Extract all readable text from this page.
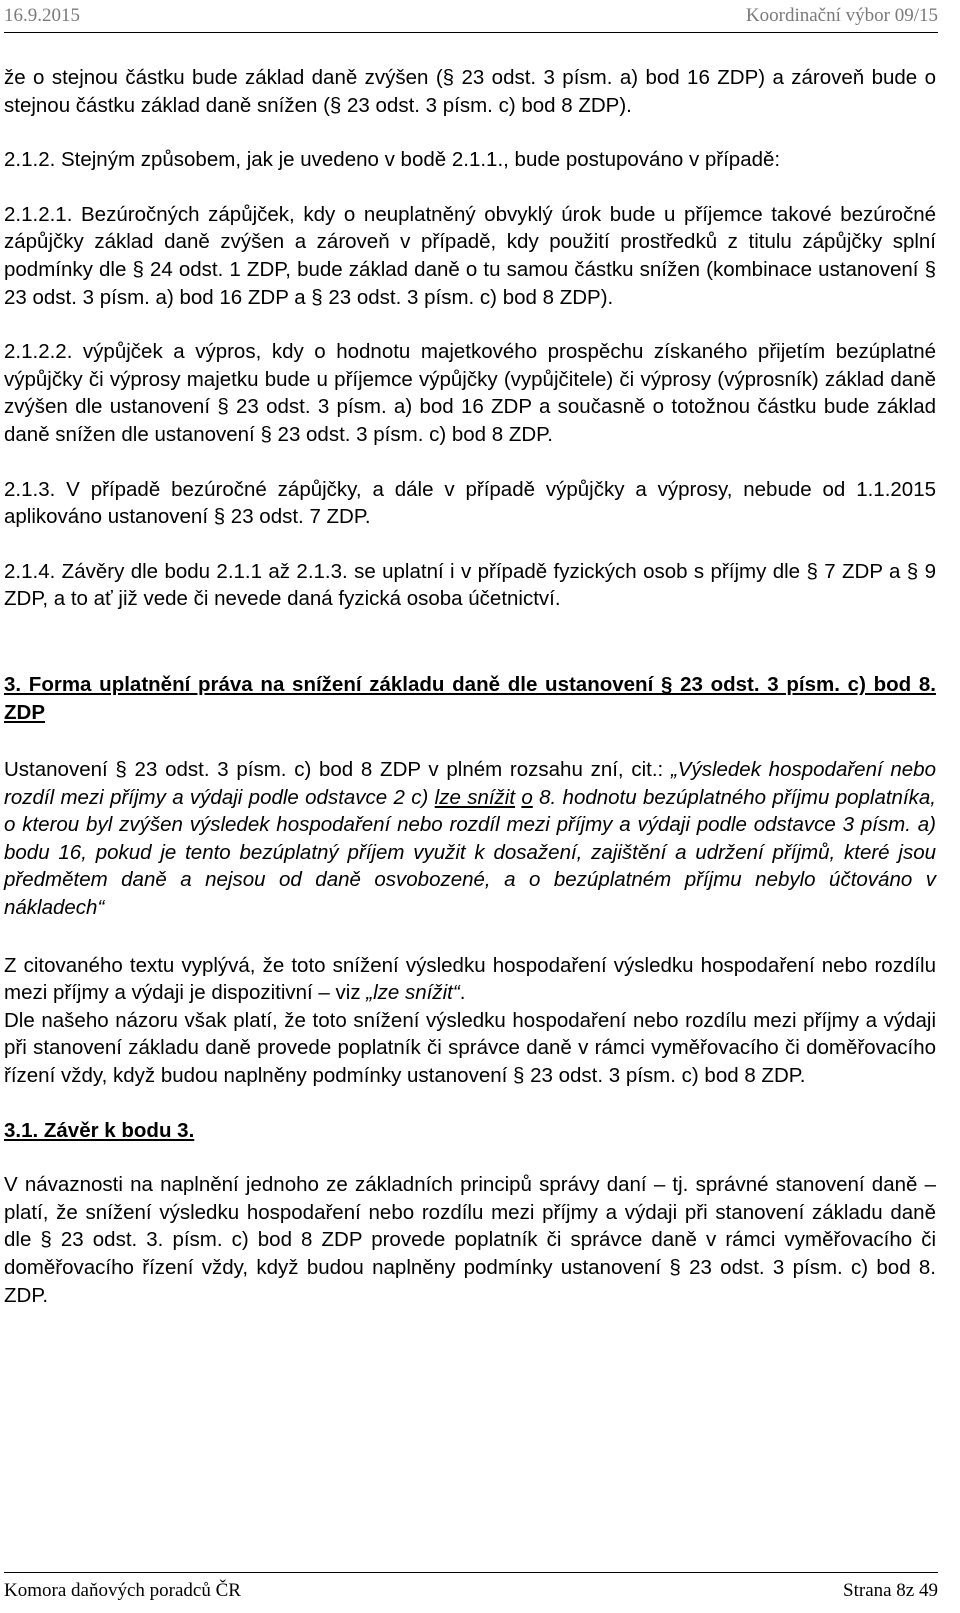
16.9.2015	Koordinační výbor 09/15

že o stejnou částku bude základ daně zvýšen (§ 23 odst. 3 písm. a) bod 16 ZDP) a zároveň bude o stejnou částku základ daně snížen (§ 23 odst. 3 písm. c) bod 8 ZDP).

2.1.2. Stejným způsobem, jak je uvedeno v bodě 2.1.1., bude postupováno v případě:

2.1.2.1. Bezúročných zápůjček, kdy o neuplatněný obvyklý úrok bude u příjemce takové bezúročné zápůjčky základ daně zvýšen a zároveň v případě, kdy použití prostředků z titulu zápůjčky splní podmínky dle § 24 odst. 1 ZDP, bude základ daně o tu samou částku snížen (kombinace ustanovení § 23 odst. 3 písm. a) bod 16 ZDP a § 23 odst. 3 písm. c) bod 8 ZDP).

2.1.2.2. výpůjček a výpros, kdy o hodnotu majetkového prospěchu získaného přijetím bezúplatné výpůjčky či výprosy majetku bude u příjemce výpůjčky (vypůjčitele) či výprosy (výprosník) základ daně zvýšen dle ustanovení § 23 odst. 3 písm. a) bod 16 ZDP a současně o totožnou částku bude základ daně snížen dle ustanovení § 23 odst. 3 písm. c) bod 8 ZDP.

2.1.3. V případě bezúročné zápůjčky, a dále v případě výpůjčky a výprosy, nebude od 1.1.2015 aplikováno ustanovení § 23 odst. 7 ZDP.

2.1.4. Závěry dle bodu 2.1.1 až 2.1.3. se uplatní i v případě fyzických osob s příjmy dle § 7 ZDP a § 9 ZDP, a to ať již vede či nevede daná fyzická osoba účetnictví.

3. Forma uplatnění práva na snížení základu daně dle ustanovení § 23 odst. 3 písm. c) bod 8. ZDP

Ustanovení § 23 odst. 3 písm. c) bod 8 ZDP v plném rozsahu zní, cit.: „Výsledek hospodaření nebo rozdíl mezi příjmy a výdaji podle odstavce 2 c) lze snížit o 8. hodnotu bezúplatného příjmu poplatníka, o kterou byl zvýšen výsledek hospodaření nebo rozdíl mezi příjmy a výdaji podle odstavce 3 písm. a) bodu 16, pokud je tento bezúplatný příjem využit k dosažení, zajištění a udržení příjmů, které jsou předmětem daně a nejsou od daně osvobozené, a o bezúplatném příjmu nebylo účtováno v nákladech“

Z citovaného textu vyplývá, že toto snížení výsledku hospodaření výsledku hospodaření nebo rozdílu mezi příjmy a výdaji je dispozitivní – viz „lze snížit“.

Dle našeho názoru však platí, že toto snížení výsledku hospodaření nebo rozdílu mezi příjmy a výdaji při stanovení základu daně provede poplatník či správce daně v rámci vyměřovacího či doměřovacího řízení vždy, když budou naplněny podmínky ustanovení § 23 odst. 3 písm. c) bod 8 ZDP.

3.1. Závěr k bodu 3.

V návaznosti na naplnění jednoho ze základních principů správy daní – tj. správné stanovení daně – platí, že snížení výsledku hospodaření nebo rozdílu mezi příjmy a výdaji při stanovení základu daně dle § 23 odst. 3. písm. c) bod 8 ZDP provede poplatník či správce daně v rámci vyměřovacího či doměřovacího řízení vždy, když budou naplněny podmínky ustanovení § 23 odst. 3 písm. c) bod 8. ZDP.

Komora daňových poradců ČR	Strana 8z 49
